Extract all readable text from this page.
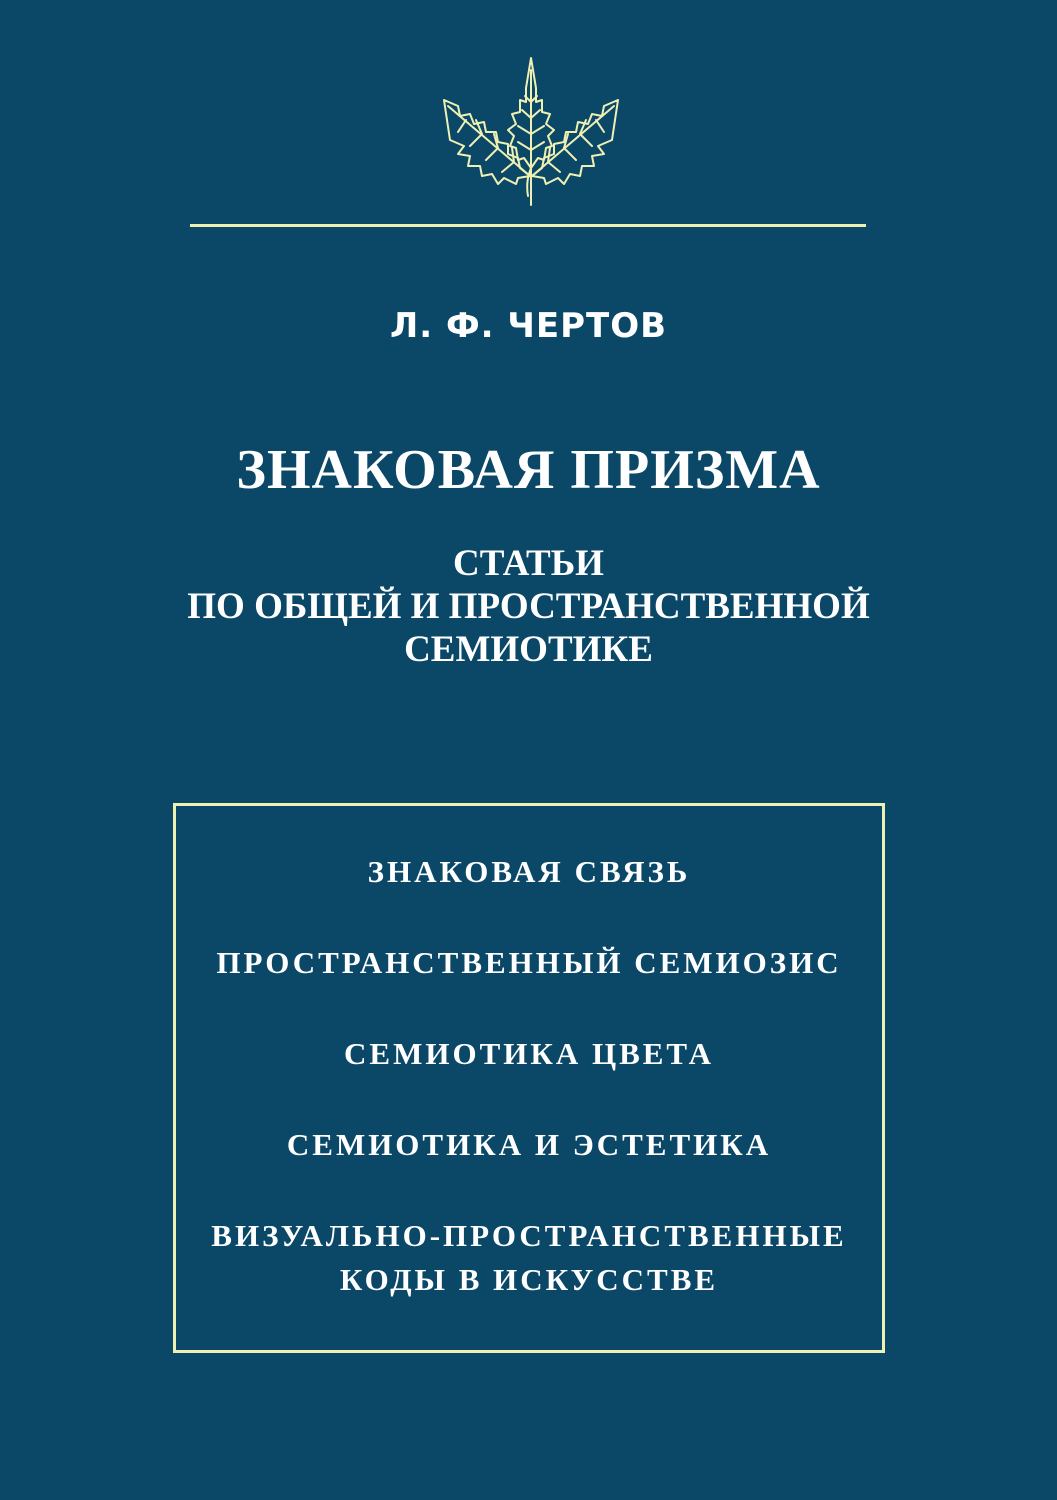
Л. Ф. ЧЕРТОВ
ЗНАКОВАЯ ПРИЗМА
СТАТЬИ
ПО ОБЩЕЙ И ПРОСТРАНСТВЕННОЙ
СЕМИОТИКЕ
ЗНАКОВАЯ СВЯЗЬ
ПРОСТРАНСТВЕННЫЙ СЕМИОЗИС
СЕМИОТИКА ЦВЕТА
СЕМИОТИКА И ЭСТЕТИКА
ВИЗУАЛЬНО-ПРОСТРАНСТВЕННЫЕ
КОДЫ В ИСКУССТВЕ
